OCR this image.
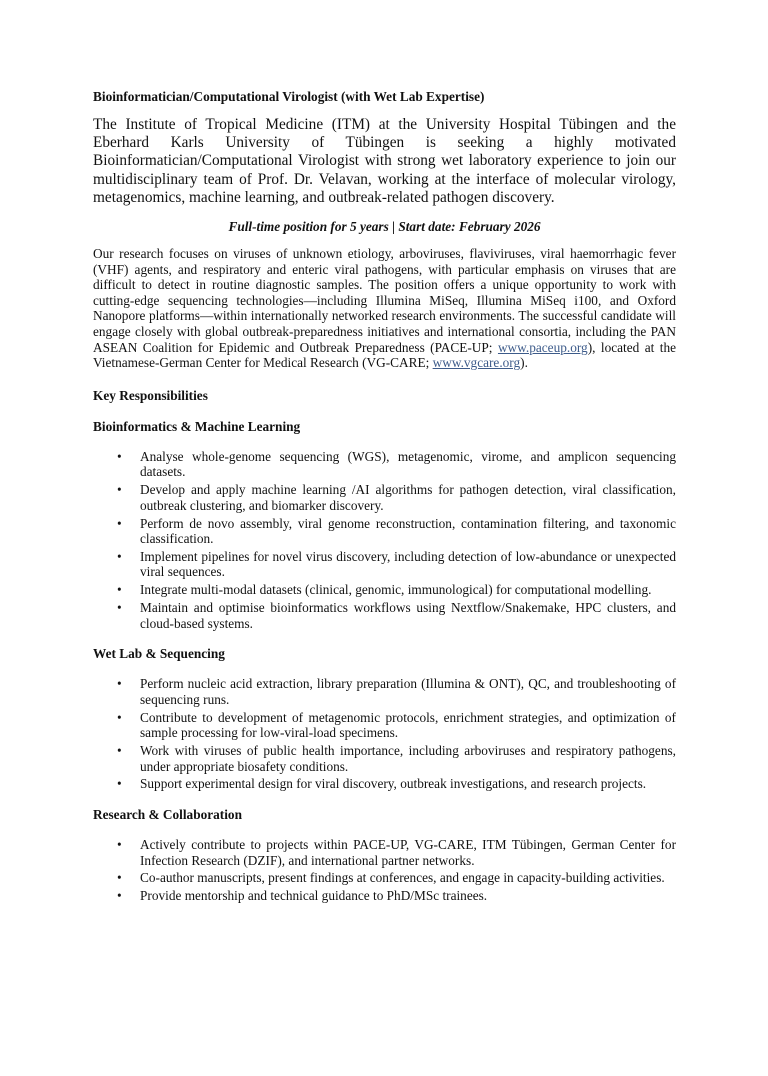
Bioinformatician/Computational Virologist (with Wet Lab Expertise)

The Institute of Tropical Medicine (ITM) at the University Hospital Tübingen and the Eberhard Karls University of Tübingen is seeking a highly motivated Bioinformatician/Computational Virologist with strong wet laboratory experience to join our multidisciplinary team of Prof. Dr. Velavan, working at the interface of molecular virology, metagenomics, machine learning, and outbreak-related pathogen discovery.

Full-time position for 5 years | Start date: February 2026

Our research focuses on viruses of unknown etiology, arboviruses, flaviviruses, viral haemorrhagic fever (VHF) agents, and respiratory and enteric viral pathogens, with particular emphasis on viruses that are difficult to detect in routine diagnostic samples. The position offers a unique opportunity to work with cutting-edge sequencing technologies—including Illumina MiSeq, Illumina MiSeq i100, and Oxford Nanopore platforms—within internationally networked research environments. The successful candidate will engage closely with global outbreak-preparedness initiatives and international consortia, including the PAN ASEAN Coalition for Epidemic and Outbreak Preparedness (PACE-UP; www.paceup.org), located at the Vietnamese-German Center for Medical Research (VG-CARE; www.vgcare.org).

Key Responsibilities

Bioinformatics & Machine Learning

• Analyse whole-genome sequencing (WGS), metagenomic, virome, and amplicon sequencing datasets.
• Develop and apply machine learning /AI algorithms for pathogen detection, viral classification, outbreak clustering, and biomarker discovery.
• Perform de novo assembly, viral genome reconstruction, contamination filtering, and taxonomic classification.
• Implement pipelines for novel virus discovery, including detection of low-abundance or unexpected viral sequences.
• Integrate multi-modal datasets (clinical, genomic, immunological) for computational modelling.
• Maintain and optimise bioinformatics workflows using Nextflow/Snakemake, HPC clusters, and cloud-based systems.

Wet Lab & Sequencing

• Perform nucleic acid extraction, library preparation (Illumina & ONT), QC, and troubleshooting of sequencing runs.
• Contribute to development of metagenomic protocols, enrichment strategies, and optimization of sample processing for low-viral-load specimens.
• Work with viruses of public health importance, including arboviruses and respiratory pathogens, under appropriate biosafety conditions.
• Support experimental design for viral discovery, outbreak investigations, and research projects.

Research & Collaboration

• Actively contribute to projects within PACE-UP, VG-CARE, ITM Tübingen, German Center for Infection Research (DZIF), and international partner networks.
• Co-author manuscripts, present findings at conferences, and engage in capacity-building activities.
• Provide mentorship and technical guidance to PhD/MSc trainees.
